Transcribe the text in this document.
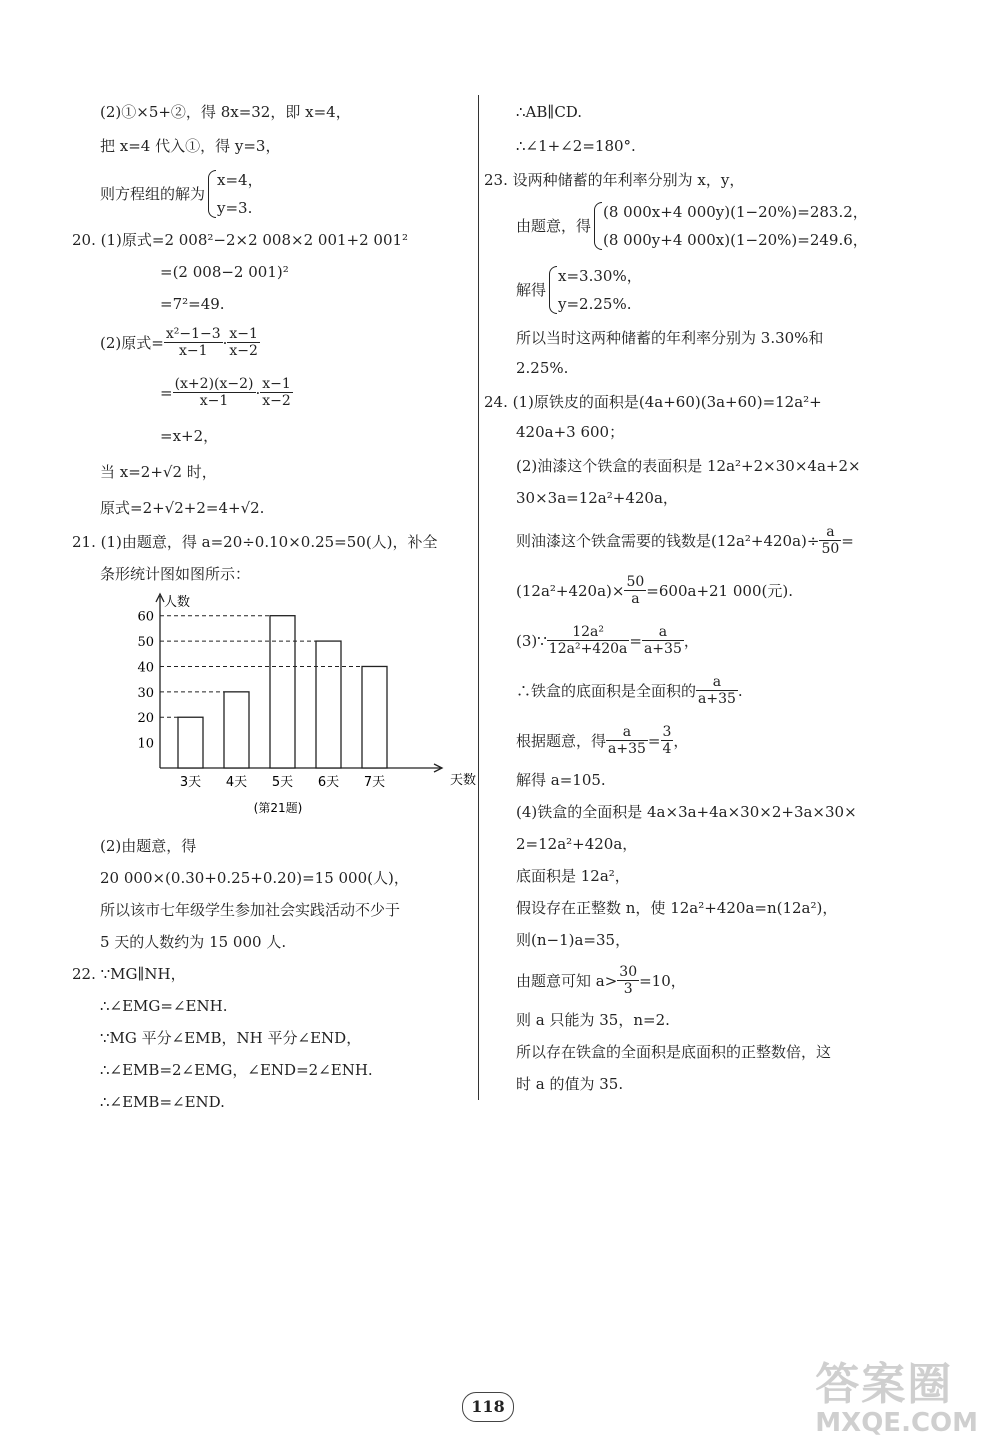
(2)①×5+②，得 8x=32，即 x=4，
把 x=4 代入①，得 y=3，
则方程组的解为
x=4，
y=3.
20. (1)原式=2 008²−2×2 008×2 001+2 001²
=(2 008−2 001)²
=7²=49.
(2)原式= $\frac{\text{x²−1−3}}{x-1} \cdot \frac{x-1}{x-2}$
= $\frac{(x+2)(x-2)}{x-1} \cdot \frac{x-1}{x-2}$
=x+2，
当 x=2+√2 时，
原式=2+√2+2=4+√2.
21. (1)由题意，得 a=20÷0.10×0.25=50(人)，补全
条形统计图如图所示：
人数
天数
10
20
30
40
50
60
3天 4天 5天 6天 7天
(第21题)
(2)由题意，得
20 000×(0.30+0.25+0.20)=15 000(人)，
所以该市七年级学生参加社会实践活动不少于
5 天的人数约为 15 000 人.
22. ∵MG∥NH，
∴∠EMG=∠ENH.
∵MG 平分∠EMB，NH 平分∠END，
∴∠EMB=2∠EMG，∠END=2∠ENH.
∴∠EMB=∠END.
∴AB∥CD.
∴∠1+∠2=180°.
23. 设两种储蓄的年利率分别为 x，y，
由题意，得
(8 000x+4 000y)(1−20%)=283.2，
(8 000y+4 000x)(1−20%)=249.6，
解得
x=3.30%，
y=2.25%.
所以当时这两种储蓄的年利率分别为 3.30%和
2.25%.
24. (1)原铁皮的面积是(4a+60)(3a+60)=12a²+
420a+3 600；
(2)油漆这个铁盒的表面积是 12a²+2×30×4a+2×
30×3a=12a²+420a，
则油漆这个铁盒需要的钱数是$(12a^2+420a)\div \frac{a}{50}$ =
$(12a^2+420a)\times \frac{50}{a} =600a+21$ 000(元).
(3)∵ $\frac{\text{12a²}}{\text{12a²+420a}} = \frac{a}{a+35}$ ，
∴铁盒的底面积是全面积的 $\frac{a}{a+35}$ .
根据题意，得 $\frac{a}{a+35} = \frac{3}{4}$ ，
解得 a=105.
(4)铁盒的全面积是 4a×3a+4a×30×2+3a×30×
2=12a²+420a，
底面积是 12a²，
假设存在正整数 n，使 12a²+420a=n(12a²)，
则(n−1)a=35，
由题意可知 $a> \frac{30}{3} =10$，
则 a 只能为 35，n=2.
所以存在铁盒的全面积是底面积的正整数倍，这
时 a 的值为 35.
118	答案圈
MXQE.COM
